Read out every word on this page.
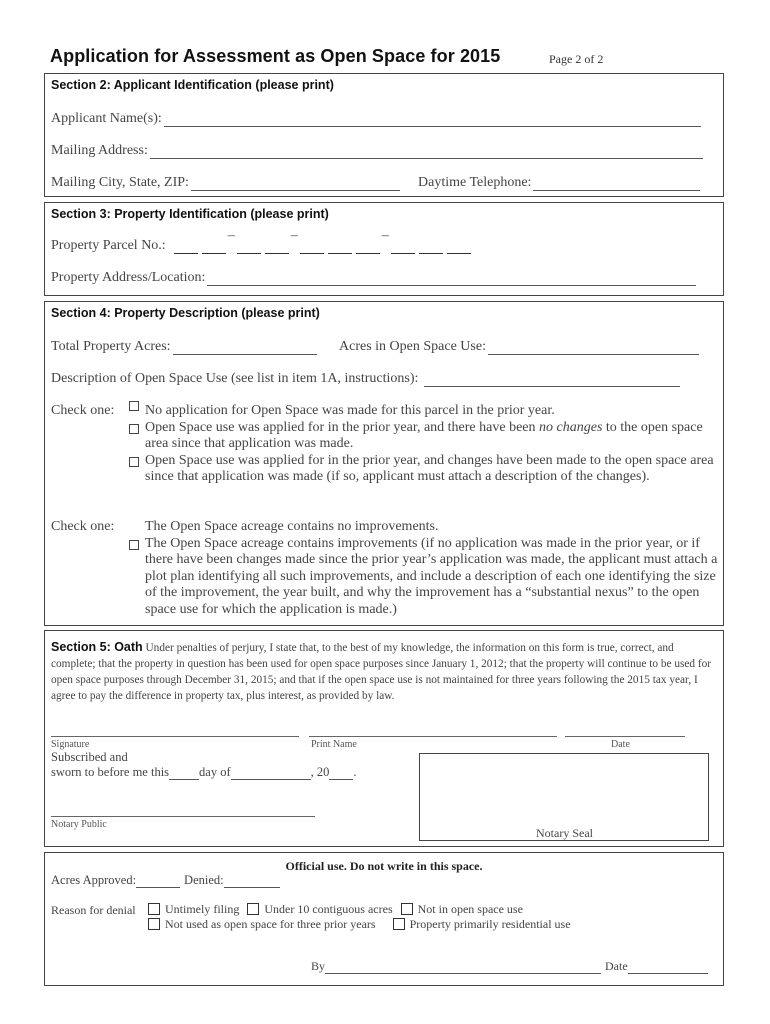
Application for Assessment as Open Space for 2015	Page 2 of 2
Section 2: Applicant Identification (please print)
Applicant Name(s):
Mailing Address:
Mailing City, State, ZIP:	Daytime Telephone:
Section 3: Property Identification (please print)
Property Parcel No.:
–	–	–
Property Address/Location:
Section 4: Property Description (please print)
Total Property Acres:	Acres in Open Space Use:
Description of Open Space Use (see list in item 1A, instructions):
Check one: No application for Open Space was made for this parcel in the prior year.
Open Space use was applied for in the prior year, and there have been no changes to the open space area since that application was made.
Open Space use was applied for in the prior year, and changes have been made to the open space area since that application was made (if so, applicant must attach a description of the changes).
Check one: The Open Space acreage contains no improvements.
The Open Space acreage contains improvements (if no application was made in the prior year, or if there have been changes made since the prior year’s application was made, the applicant must attach a plot plan identifying all such improvements, and include a description of each one identifying the size of the improvement, the year built, and why the improvement has a “substantial nexus” to the open space use for which the application is made.)
Section 5: Oath Under penalties of perjury, I state that, to the best of my knowledge, the information on this form is true, correct, and complete; that the property in question has been used for open space purposes since January 1, 2012; that the property will continue to be used for open space purposes through December 31, 2015; and that if the open space use is not maintained for three years following the 2015 tax year, I agree to pay the difference in property tax, plus interest, as provided by law.
Signature	Print Name	Date
Subscribed and
sworn to before me this day of	, 20 .
Notary Public
Notary Seal
Official use. Do not write in this space.
Acres Approved:	Denied:
Reason for denial	Untimely filing Under 10 contiguous acres Not in open space use
Not used as open space for three prior years	Property primarily residential use
By	Date
